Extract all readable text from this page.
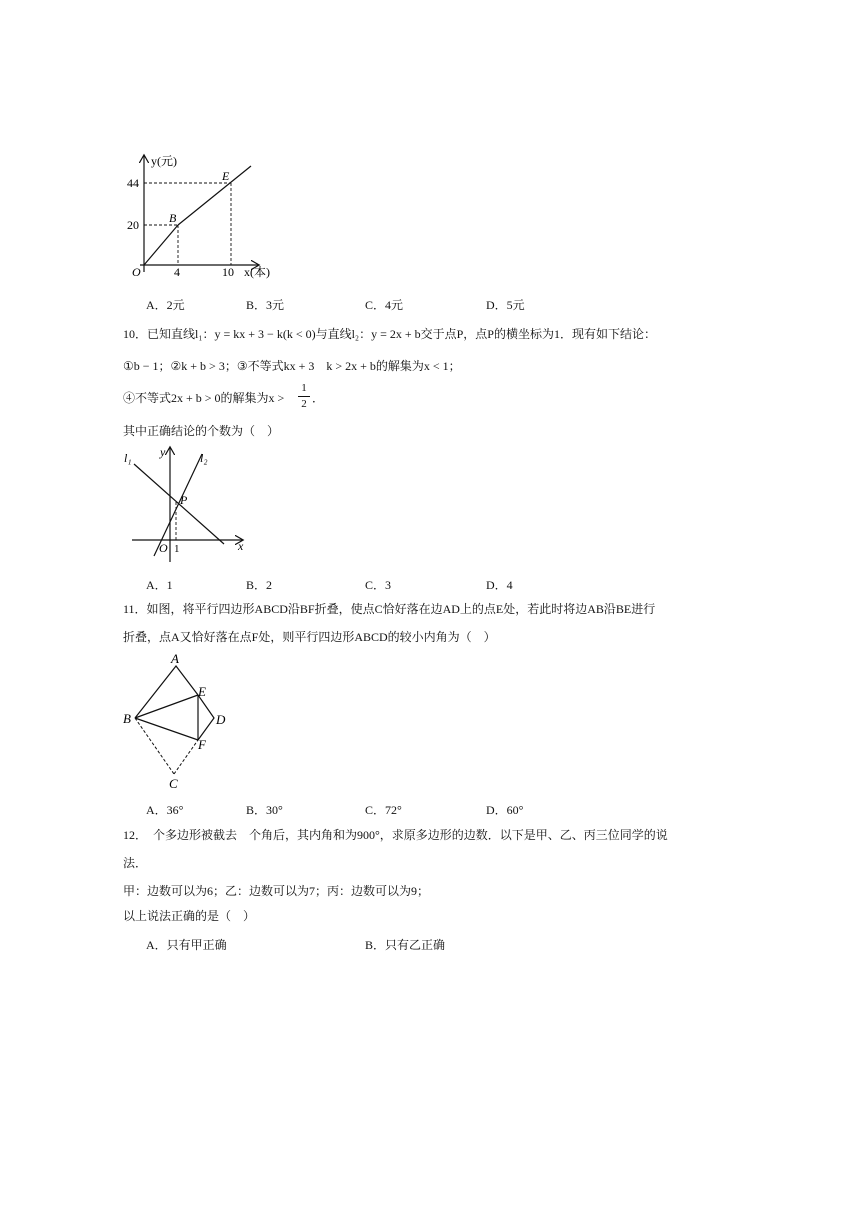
y(元)
x(本)
O
44
20
4	10
B
E
A．2元	B．3元	C．4元	D．5元
10．已知直线l₁：y = kx + 3 − k(k < 0)与直线l₂：y = 2x + b交于点P，点P的横坐标为1．现有如下结论：
①b − 1；②k + b > 3；③不等式kx + 3　k > 2x + b的解集为x < 1；
④不等式2x + b > 0的解集为x >
1
2 ．
其中正确结论的个数为（　）
l₁	l₂
y
x
O
P
1
A．1	B．2	C．3	D．4
11．如图，将平行四边形ABCD沿BF折叠，使点C恰好落在边AD上的点E处，若此时将边AB沿BE进行
折叠，点A又恰好落在点F处，则平行四边形ABCD的较小内角为（　）
A
B
C
D
E
F
A．36°	B．30°	C．72°	D．60°
12．　个多边形被截去　个角后，其内角和为900°，求原多边形的边数．以下是甲、乙、丙三位同学的说
法．
甲：边数可以为6；乙：边数可以为7；丙：边数可以为9；
以上说法正确的是（　）
A．只有甲正确	B．只有乙正确
